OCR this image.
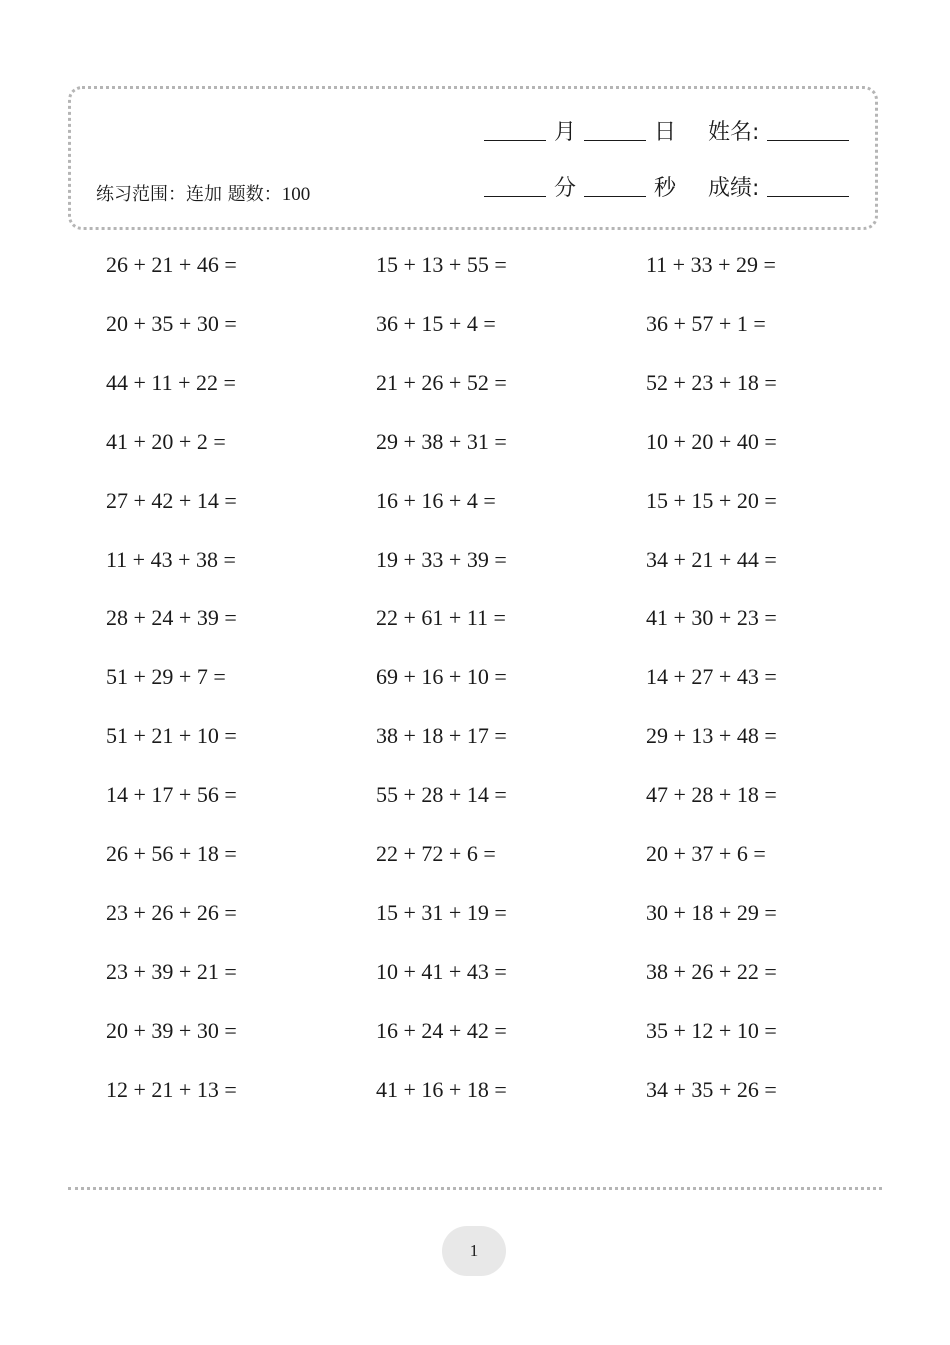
练习范围：连加 题数：100
月	日 姓名:
分	秒 成绩:
26 + 21 + 46 =	15 + 13 + 55 =	11 + 33 + 29 =
20 + 35 + 30 =	36 + 15 + 4 =	36 + 57 + 1 =
44 + 11 + 22 =	21 + 26 + 52 =	52 + 23 + 18 =
41 + 20 + 2 =	29 + 38 + 31 =	10 + 20 + 40 =
27 + 42 + 14 =	16 + 16 + 4 =	15 + 15 + 20 =
11 + 43 + 38 =	19 + 33 + 39 =	34 + 21 + 44 =
28 + 24 + 39 =	22 + 61 + 11 =	41 + 30 + 23 =
51 + 29 + 7 =	69 + 16 + 10 =	14 + 27 + 43 =
51 + 21 + 10 =	38 + 18 + 17 =	29 + 13 + 48 =
14 + 17 + 56 =	55 + 28 + 14 =	47 + 28 + 18 =
26 + 56 + 18 =	22 + 72 + 6 =	20 + 37 + 6 =
23 + 26 + 26 =	15 + 31 + 19 =	30 + 18 + 29 =
23 + 39 + 21 =	10 + 41 + 43 =	38 + 26 + 22 =
20 + 39 + 30 =	16 + 24 + 42 =	35 + 12 + 10 =
12 + 21 + 13 =	41 + 16 + 18 =	34 + 35 + 26 =
1
